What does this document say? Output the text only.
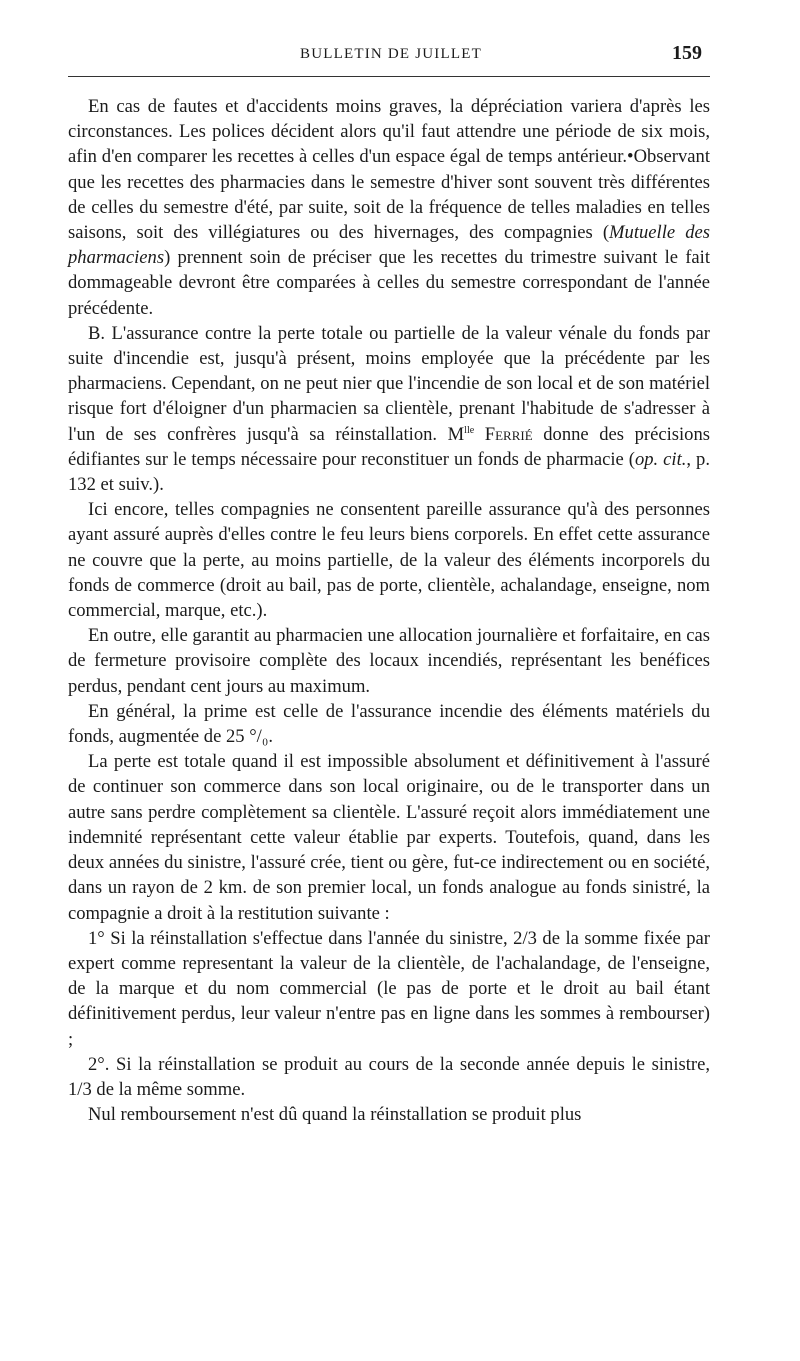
BULLETIN DE JUILLET	159

En cas de fautes et d'accidents moins graves, la dépréciation variera d'après les circonstances. Les polices décident alors qu'il faut attendre une période de six mois, afin d'en comparer les recettes à celles d'un espace égal de temps antérieur.•Observant que les recettes des pharmacies dans le semestre d'hiver sont souvent très différentes de celles du semestre d'été, par suite, soit de la fréquence de telles maladies en telles saisons, soit des villégiatures ou des hivernages, des compagnies (Mutuelle des pharmaciens) prennent soin de préciser que les recettes du trimestre suivant le fait dommageable devront être comparées à celles du semestre correspondant de l'année précédente.

B. L'assurance contre la perte totale ou partielle de la valeur vénale du fonds par suite d'incendie est, jusqu'à présent, moins employée que la précédente par les pharmaciens. Cependant, on ne peut nier que l'incendie de son local et de son matériel risque fort d'éloigner d'un pharmacien sa clientèle, prenant l'habitude de s'adresser à l'un de ses confrères jusqu'à sa réinstallation. $M^{lle}$ Ferrié donne des précisions édifiantes sur le temps nécessaire pour reconstituer un fonds de pharmacie (op. cit., p. 132 et suiv.).

Ici encore, telles compagnies ne consentent pareille assurance qu'à des personnes ayant assuré auprès d'elles contre le feu leurs biens corporels. En effet cette assurance ne couvre que la perte, au moins partielle, de la valeur des éléments incorporels du fonds de commerce (droit au bail, pas de porte, clientèle, achalandage, enseigne, nom commercial, marque, etc.).

En outre, elle garantit au pharmacien une allocation journalière et forfaitaire, en cas de fermeture provisoire complète des locaux incendiés, représentant les benéfices perdus, pendant cent jours au maximum.

En général, la prime est celle de l'assurance incendie des éléments matériels du fonds, augmentée de 25 °/₀.

La perte est totale quand il est impossible absolument et définitivement à l'assuré de continuer son commerce dans son local originaire, ou de le transporter dans un autre sans perdre complètement sa clientèle. L'assuré reçoit alors immédiatement une indemnité représentant cette valeur établie par experts. Toutefois, quand, dans les deux années du sinistre, l'assuré crée, tient ou gère, fut-ce indirectement ou en société, dans un rayon de 2 km. de son premier local, un fonds analogue au fonds sinistré, la compagnie a droit à la restitution suivante :

1° Si la réinstallation s'effectue dans l'année du sinistre, 2/3 de la somme fixée par expert comme representant la valeur de la clientèle, de l'achalandage, de l'enseigne, de la marque et du nom commercial (le pas de porte et le droit au bail étant définitivement perdus, leur valeur n'entre pas en ligne dans les sommes à rembourser) ;

2°. Si la réinstallation se produit au cours de la seconde année depuis le sinistre, 1/3 de la même somme.

Nul remboursement n'est dû quand la réinstallation se produit plus
